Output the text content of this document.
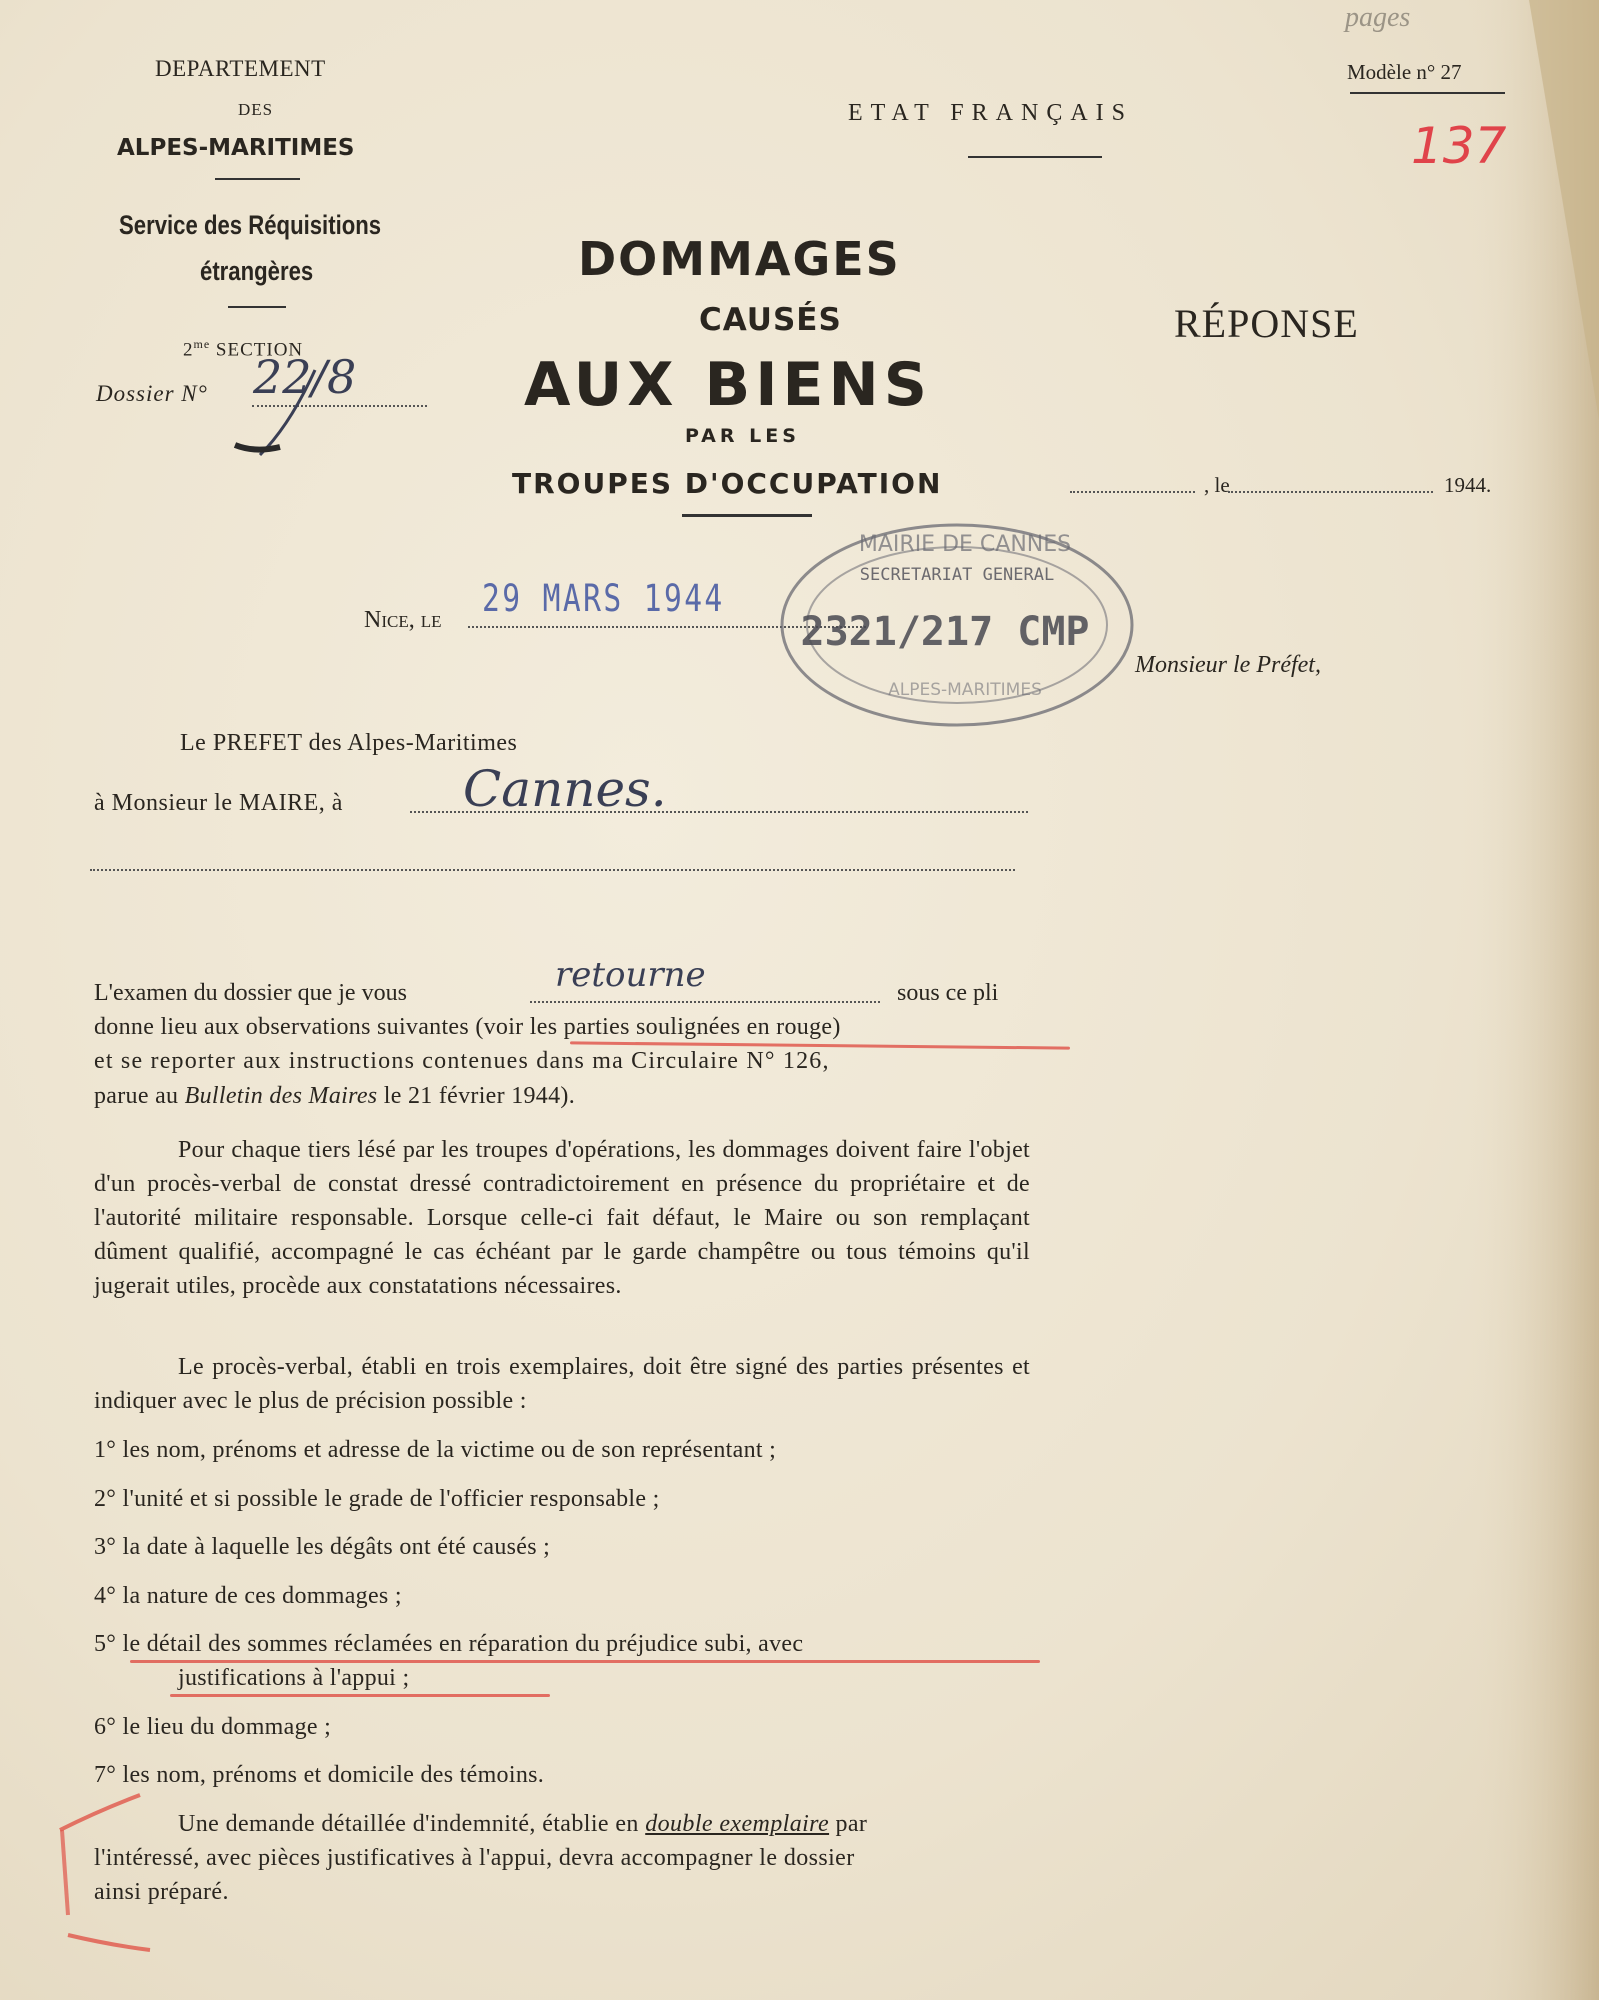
pages
DEPARTEMENT
DES
ALPES-MARITIMES
Service des Réquisitions
étrangères
$2^{me}$ SECTION
Dossier N° 22/8
ETAT FRANÇAIS
Modèle n° 27
137
DOMMAGES
CAUSÉS
AUX BIENS
PAR LES
TROUPES D'OCCUPATION
RÉPONSE
, le	1944.
Nice, le 29 MARS 1944
MAIRIE DE CANNES
SECRETARIAT GENERAL
2321/217 CMP
ALPES-MARITIMES
Monsieur le Préfet,
Le PREFET des Alpes-Maritimes
à Monsieur le MAIRE, à Cannes.
L'examen du dossier que je vous	retourne	sous ce pli
donne lieu aux observations suivantes (voir les parties soulignées en rouge)
et se reporter aux instructions contenues dans ma Circulaire N° 126,
parue au Bulletin des Maires le 21 février 1944).
Pour chaque tiers lésé par les troupes d'opérations, les dommages doivent faire l'objet d'un procès-verbal de constat dressé contradictoirement en présence du propriétaire et de l'autorité militaire responsable. Lorsque celle-ci fait défaut, le Maire ou son remplaçant dûment qualifié, accompagné le cas échéant par le garde champêtre ou tous témoins qu'il jugerait utiles, procède aux constatations nécessaires.
Le procès-verbal, établi en trois exemplaires, doit être signé des parties présentes et indiquer avec le plus de précision possible :
1° les nom, prénoms et adresse de la victime ou de son représentant ;
2° l'unité et si possible le grade de l'officier responsable ;
3° la date à laquelle les dégâts ont été causés ;
4° la nature de ces dommages ;
5° le détail des sommes réclamées en réparation du préjudice subi, avec
justifications à l'appui ;
6° le lieu du dommage ;
7° les nom, prénoms et domicile des témoins.
Une demande détaillée d'indemnité, établie en double exemplaire par
l'intéressé, avec pièces justificatives à l'appui, devra accompagner le dossier
ainsi préparé.
